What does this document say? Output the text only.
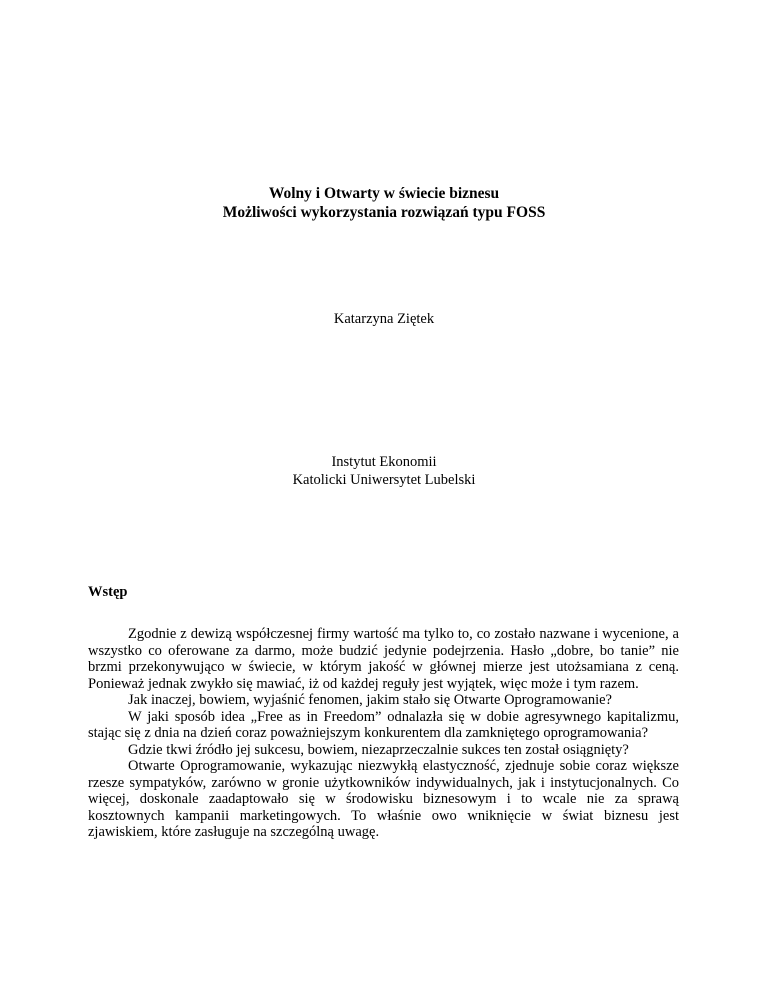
Wolny i Otwarty w świecie biznesu
Możliwości wykorzystania rozwiązań typu FOSS
Katarzyna Ziętek
Instytut Ekonomii
Katolicki Uniwersytet Lubelski
Wstęp

Zgodnie z dewizą współczesnej firmy wartość ma tylko to, co zostało nazwane i wycenione, a wszystko co oferowane za darmo, może budzić jedynie podejrzenia. Hasło „dobre, bo tanie” nie brzmi przekonywująco w świecie, w którym jakość w głównej mierze jest utożsamiana z ceną. Ponieważ jednak zwykło się mawiać, iż od każdej reguły jest wyjątek, więc może i tym razem.

Jak inaczej, bowiem, wyjaśnić fenomen, jakim stało się Otwarte Oprogramowanie?

W jaki sposób idea „Free as in Freedom” odnalazła się w dobie agresywnego kapitalizmu, stając się z dnia na dzień coraz poważniejszym konkurentem dla zamkniętego oprogramowania?

Gdzie tkwi źródło jej sukcesu, bowiem, niezaprzeczalnie sukces ten został osiągnięty?

Otwarte Oprogramowanie, wykazując niezwykłą elastyczność, zjednuje sobie coraz większe rzesze sympatyków, zarówno w gronie użytkowników indywidualnych, jak i instytucjonalnych. Co więcej, doskonale zaadaptowało się w środowisku biznesowym i to wcale nie za sprawą kosztownych kampanii marketingowych. To właśnie owo wniknięcie w świat biznesu jest zjawiskiem, które zasługuje na szczególną uwagę.
